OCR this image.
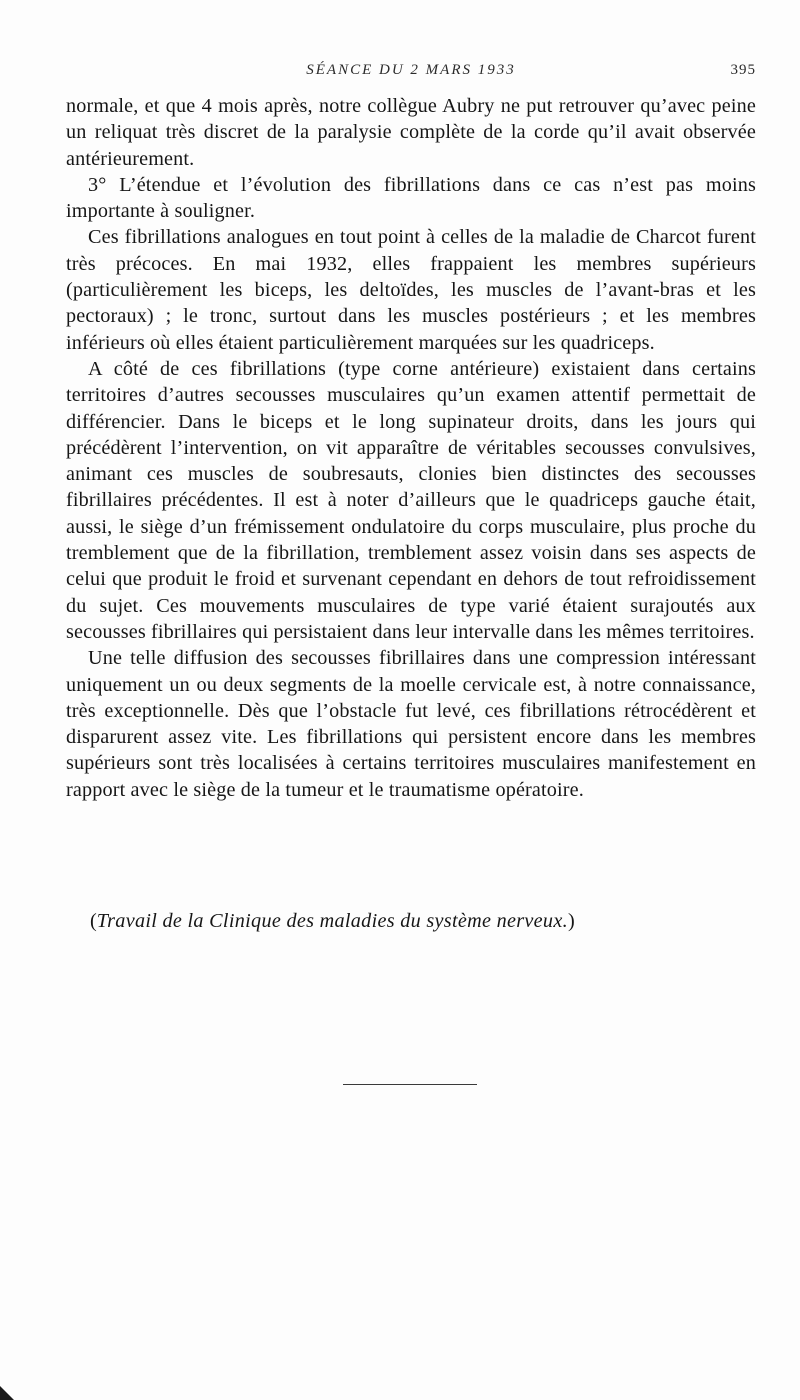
SÉANCE DU 2 MARS 1933	395

normale, et que 4 mois après, notre collègue Aubry ne put retrouver qu’avec peine un reliquat très discret de la paralysie complète de la corde qu’il avait observée antérieurement.

3° L’étendue et l’évolution des fibrillations dans ce cas n’est pas moins importante à souligner.

Ces fibrillations analogues en tout point à celles de la maladie de Charcot furent très précoces. En mai 1932, elles frappaient les membres supérieurs (particulièrement les biceps, les deltoïdes, les muscles de l’avant-bras et les pectoraux) ; le tronc, surtout dans les muscles postérieurs ; et les membres inférieurs où elles étaient particulièrement marquées sur les quadriceps.

A côté de ces fibrillations (type corne antérieure) existaient dans certains territoires d’autres secousses musculaires qu’un examen attentif permettait de différencier. Dans le biceps et le long supinateur droits, dans les jours qui précédèrent l’intervention, on vit apparaître de véritables secousses convulsives, animant ces muscles de soubresauts, clonies bien distinctes des secousses fibrillaires précédentes. Il est à noter d’ailleurs que le quadriceps gauche était, aussi, le siège d’un frémissement ondulatoire du corps musculaire, plus proche du tremblement que de la fibrillation, tremblement assez voisin dans ses aspects de celui que produit le froid et survenant cependant en dehors de tout refroidissement du sujet. Ces mouvements musculaires de type varié étaient surajoutés aux secousses fibrillaires qui persistaient dans leur intervalle dans les mêmes territoires.

Une telle diffusion des secousses fibrillaires dans une compression intéressant uniquement un ou deux segments de la moelle cervicale est, à notre connaissance, très exceptionnelle. Dès que l’obstacle fut levé, ces fibrillations rétrocédèrent et disparurent assez vite. Les fibrillations qui persistent encore dans les membres supérieurs sont très localisées à certains territoires musculaires manifestement en rapport avec le siège de la tumeur et le traumatisme opératoire.

(Travail de la Clinique des maladies du système nerveux.)
